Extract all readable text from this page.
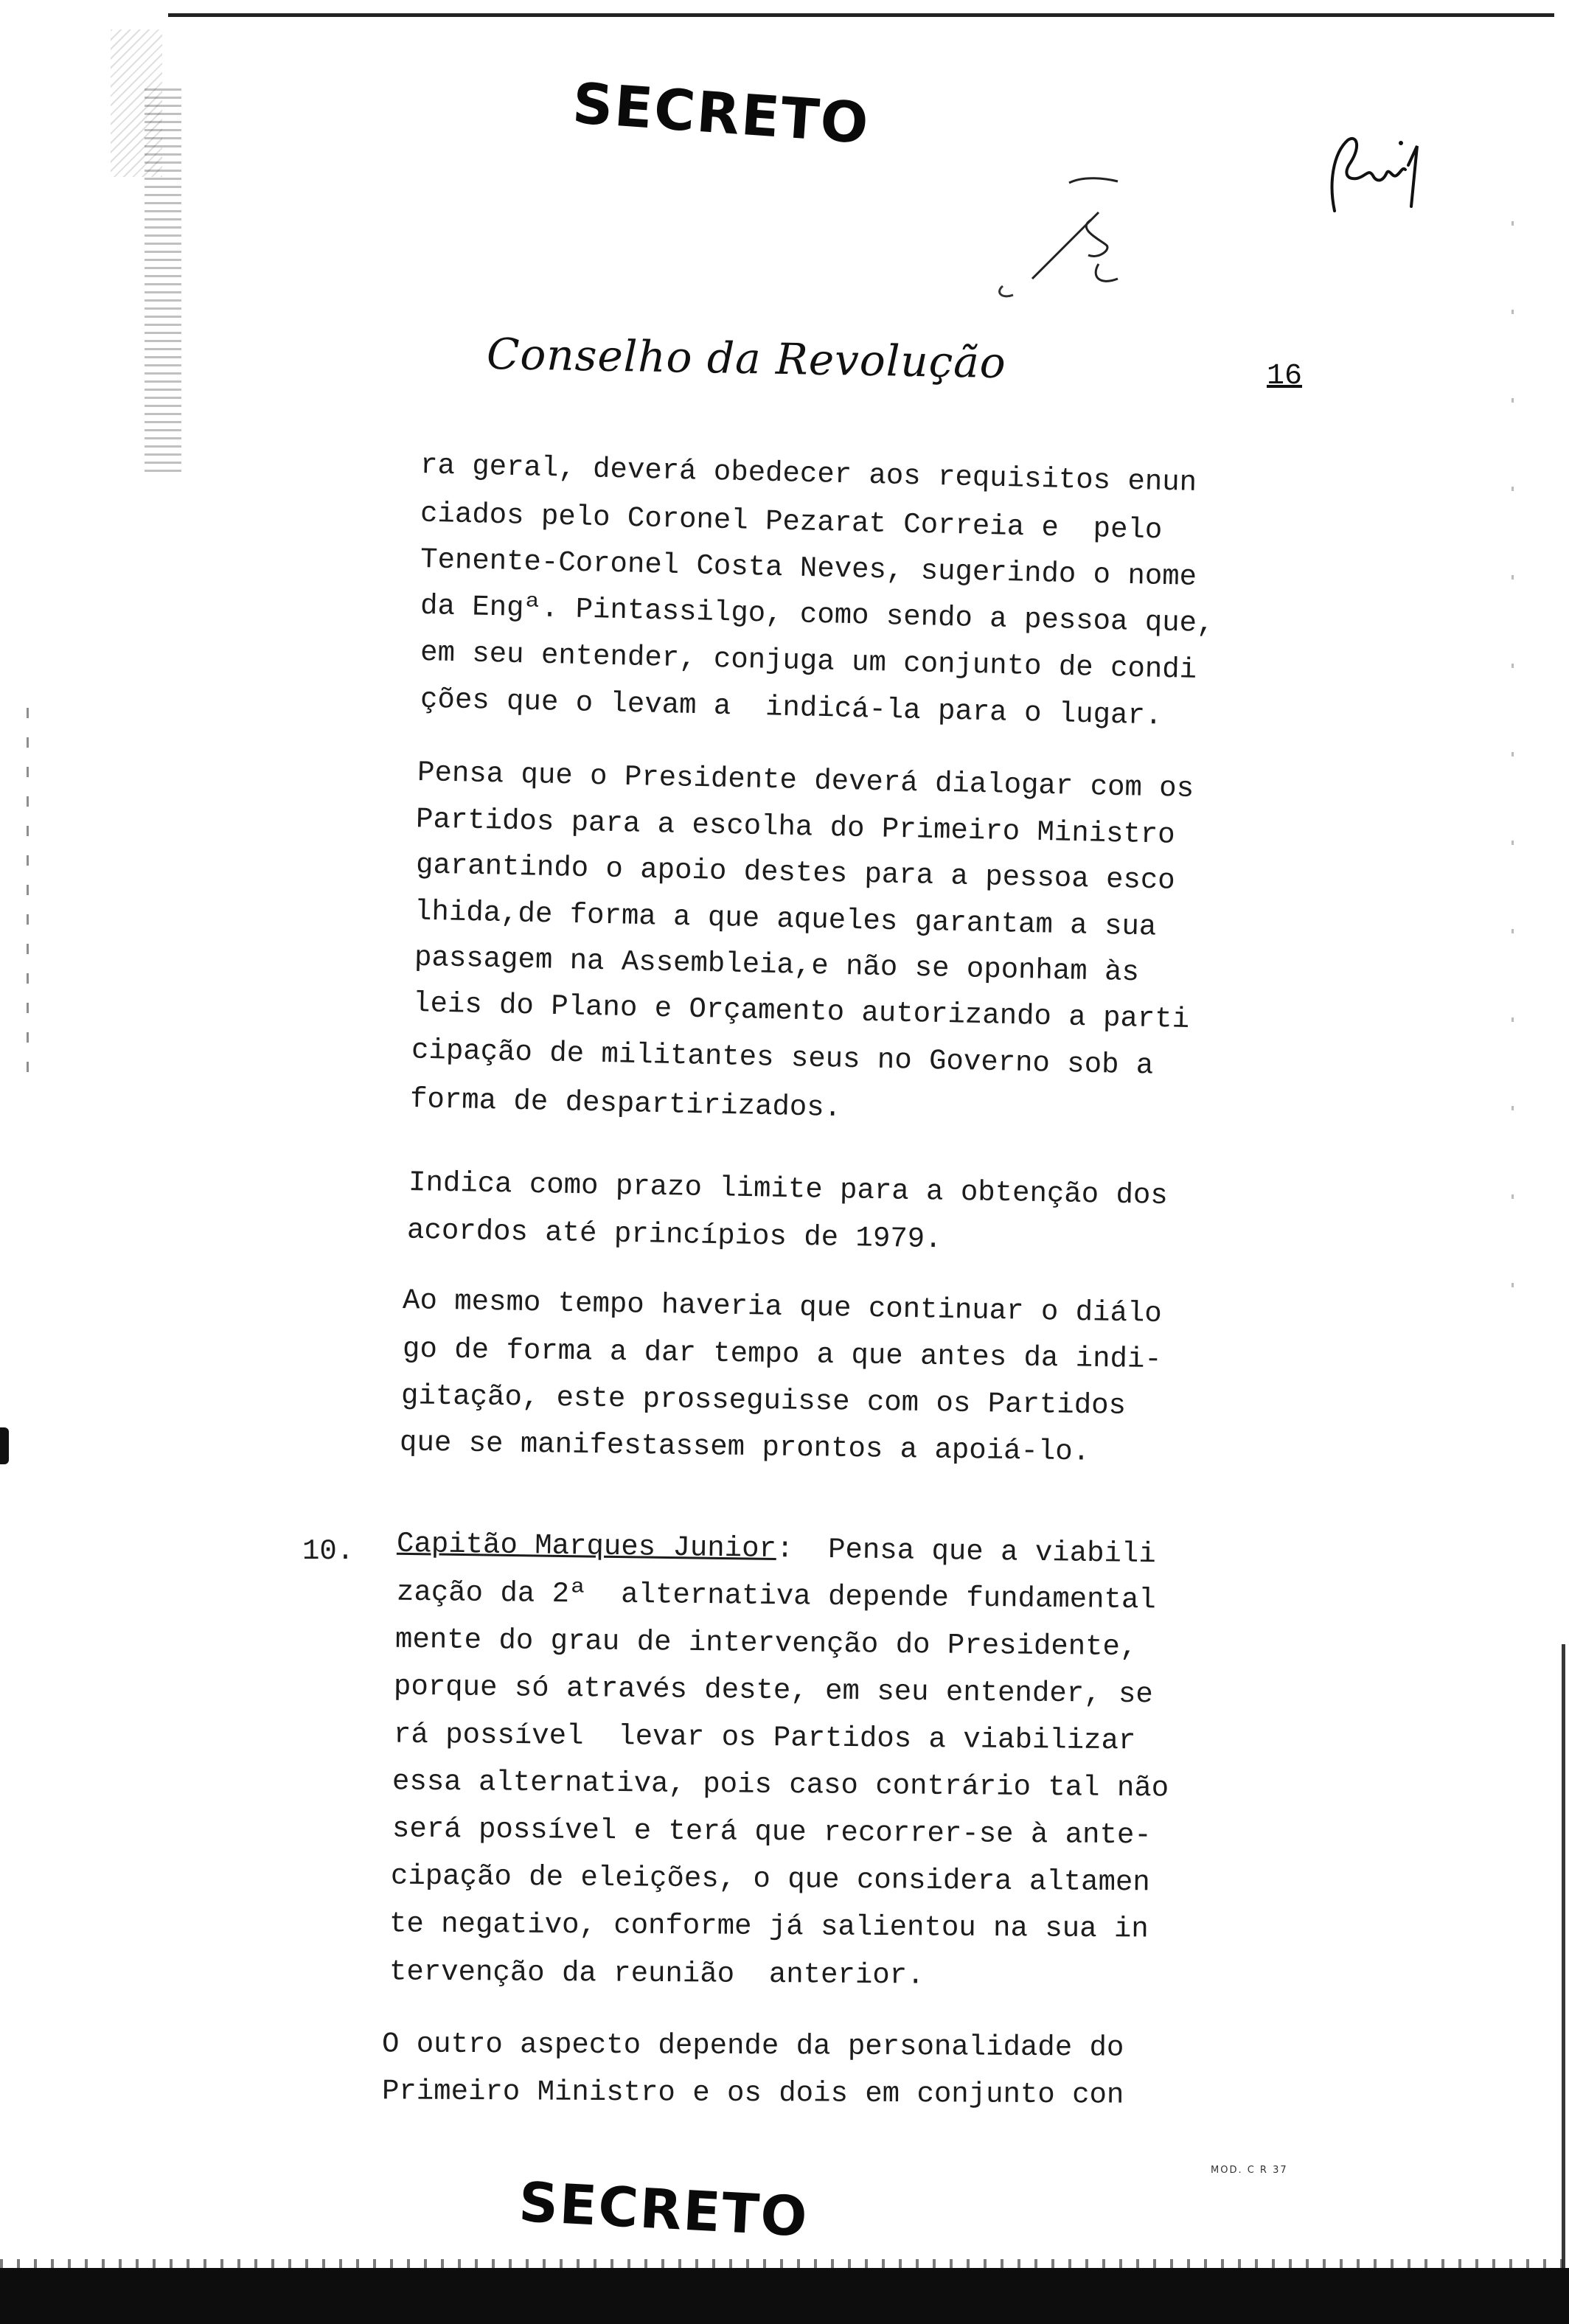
SECRETO
SECRETO
Conselho da Revolução	16
ra geral, deverá obedecer aos requisitos enun
ciados pelo Coronel Pezarat Correia e  pelo
Tenente-Coronel Costa Neves, sugerindo o nome
da Engª. Pintassilgo, como sendo a pessoa que,
em seu entender, conjuga um conjunto de condi
ções que o levam a  indicá-la para o lugar.
Pensa que o Presidente deverá dialogar com os
Partidos para a escolha do Primeiro Ministro
garantindo o apoio destes para a pessoa esco
lhida,de forma a que aqueles garantam a sua
passagem na Assembleia,e não se oponham às
leis do Plano e Orçamento autorizando a parti
cipação de militantes seus no Governo sob a
forma de despartirizados.
Indica como prazo limite para a obtenção dos
acordos até princípios de 1979.
Ao mesmo tempo haveria que continuar o diálo
go de forma a dar tempo a que antes da indi-
gitação, este prosseguisse com os Partidos
que se manifestassem prontos a apoiá-lo.
10. Capitão Marques Junior:  Pensa que a viabili
zação da 2ª  alternativa depende fundamental
mente do grau de intervenção do Presidente,
porque só através deste, em seu entender, se
rá possível  levar os Partidos a viabilizar
essa alternativa, pois caso contrário tal não
será possível e terá que recorrer-se à ante-
cipação de eleições, o que considera altamen
te negativo, conforme já salientou na sua in
tervenção da reunião  anterior.
O outro aspecto depende da personalidade do
Primeiro Ministro e os dois em conjunto con
MOD. C R 37
